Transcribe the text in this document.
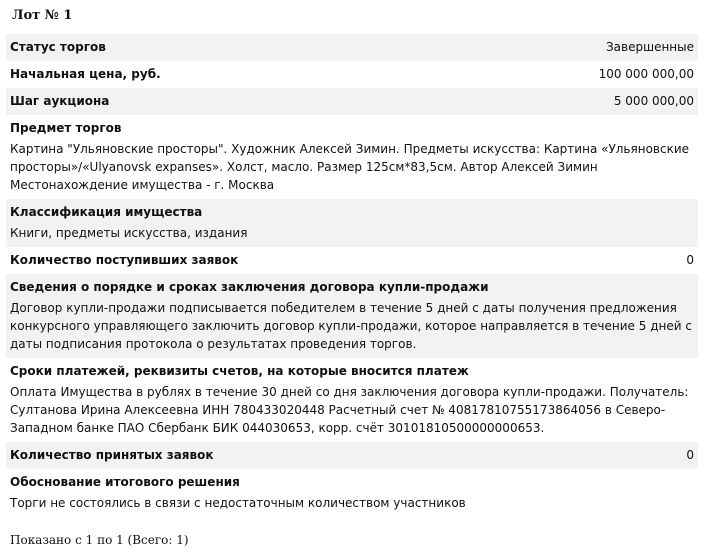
Лот № 1
Статус торгов	Завершенные
Начальная цена, руб.	100 000 000,00
Шаг аукциона	5 000 000,00
Предмет торгов
Картина "Ульяновские просторы". Художник Алексей Зимин. Предметы искусства: Картина «Ульяновские просторы»/«Ulyanovsk expanses». Холст, масло. Размер 125см*83,5см. Автор Алексей Зимин Местонахождение имущества - г. Москва
Классификация имущества
Книги, предметы искусства, издания
Количество поступивших заявок	0
Сведения о порядке и сроках заключения договора купли-продажи
Договор купли-продажи подписывается победителем в течение 5 дней с даты получения предложения конкурсного управляющего заключить договор купли-продажи, которое направляется в течение 5 дней с даты подписания протокола о результатах проведения торгов.
Сроки платежей, реквизиты счетов, на которые вносится платеж
Оплата Имущества в рублях в течение 30 дней со дня заключения договора купли-продажи. Получатель: Султанова Ирина Алексеевна ИНН 780433020448 Расчетный счет № 40817810755173864056 в Северо-Западном банке ПАО Сбербанк БИК 044030653, корр. счёт 30101810500000000653.
Количество принятых заявок	0
Обоснование итогового решения
Торги не состоялись в связи с недостаточным количеством участников
Показано с 1 по 1 (Всего: 1)
